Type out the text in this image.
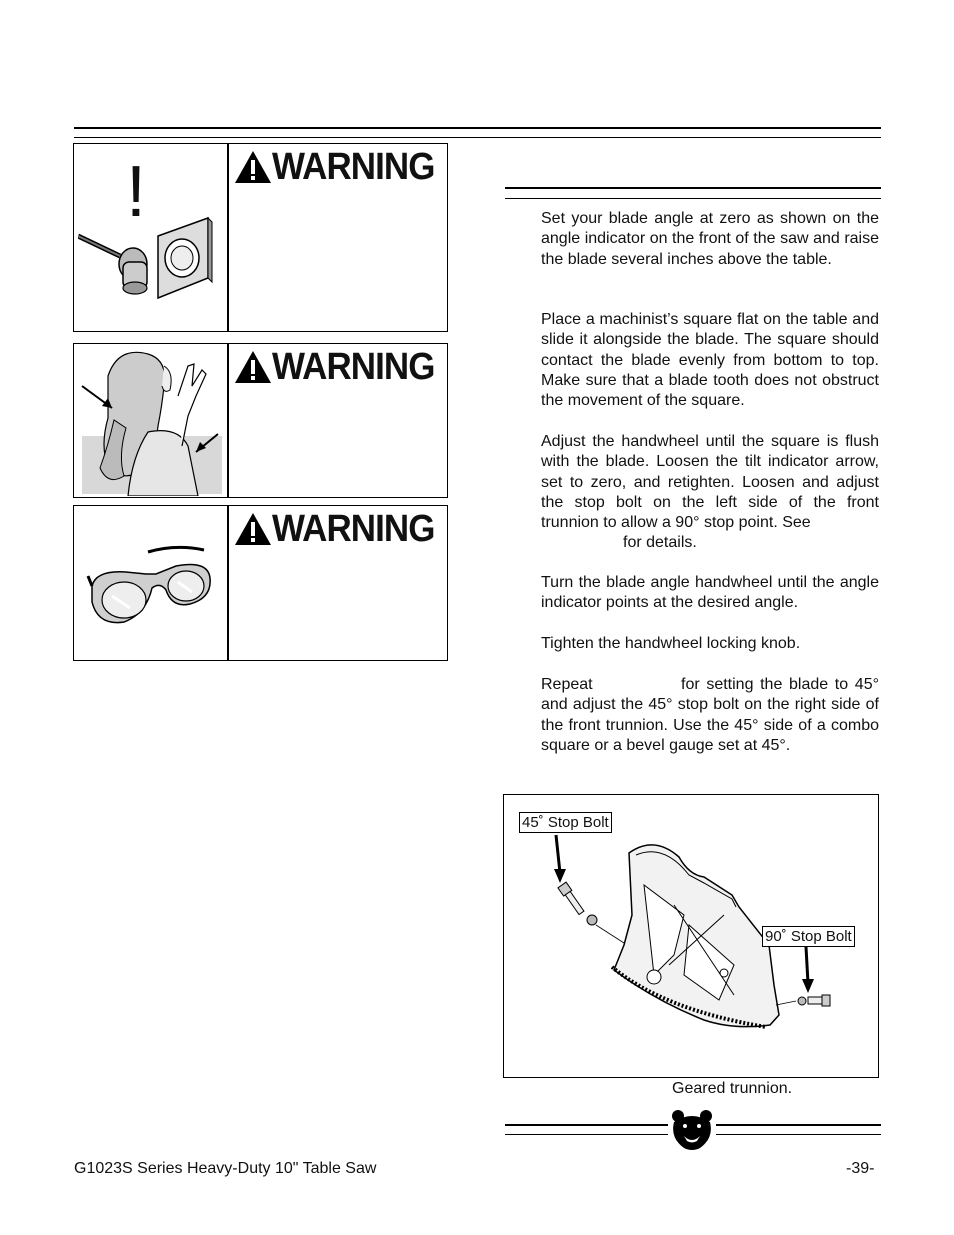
!	WARNING
WARNING
WARNING

Set your blade angle at zero as shown on the angle indicator on the front of the saw and raise the blade several inches above the table.

Place a machinist’s square flat on the table and slide it alongside the blade. The square should contact the blade evenly from bottom to top. Make sure that a blade tooth does not obstruct the movement of the square.

Adjust the handwheel until the square is flush with the blade. Loosen the tilt indicator arrow, set to zero, and retighten. Loosen and adjust the stop bolt on the left side of the front trunnion to allow a 90° stop point. See

for details.

Turn the blade angle handwheel until the angle indicator points at the desired angle.

Tighten the handwheel locking knob.

Repeat	for setting the blade to 45° and adjust the 45° stop bolt on the right side of the front trunnion. Use the 45° side of a combo square or a bevel gauge set at 45°.

45˚ Stop Bolt
90˚ Stop Bolt
Geared trunnion.
G1023S Series Heavy-Duty 10" Table Saw	-39-
